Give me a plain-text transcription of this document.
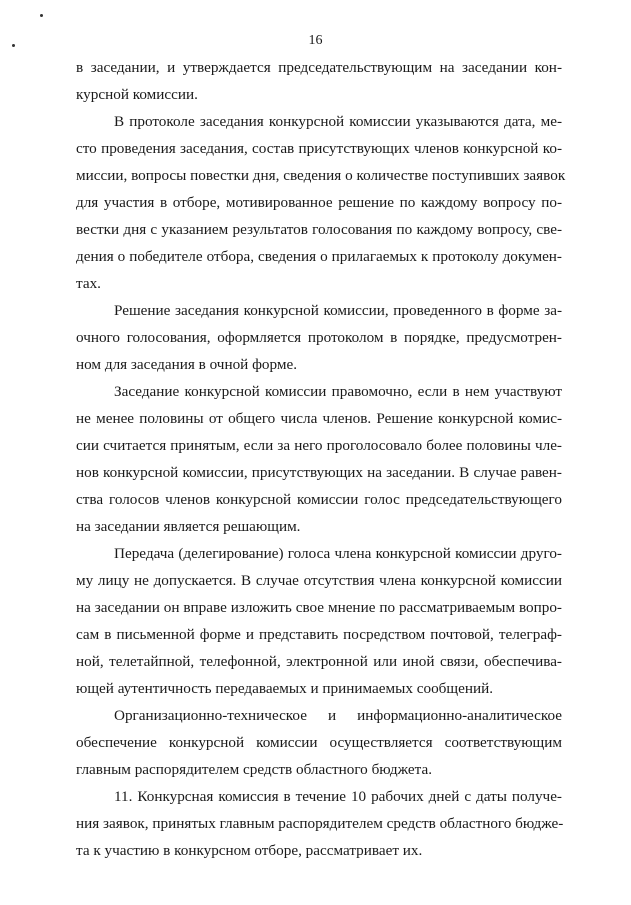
16
в заседании, и утверждается председательствующим на заседании кон-
курсной комиссии.
В протоколе заседания конкурсной комиссии указываются дата, ме-
сто проведения заседания, состав присутствующих членов конкурсной ко-
миссии, вопросы повестки дня, сведения о количестве поступивших заявок
для участия в отборе, мотивированное решение по каждому вопросу по-
вестки дня с указанием результатов голосования по каждому вопросу, све-
дения о победителе отбора, сведения о прилагаемых к протоколу докумен-
тах.
Решение заседания конкурсной комиссии, проведенного в форме за-
очного голосования, оформляется протоколом в порядке, предусмотрен-
ном для заседания в очной форме.
Заседание конкурсной комиссии правомочно, если в нем участвуют
не менее половины от общего числа членов. Решение конкурсной комис-
сии считается принятым, если за него проголосовало более половины чле-
нов конкурсной комиссии, присутствующих на заседании. В случае равен-
ства голосов членов конкурсной комиссии голос председательствующего
на заседании является решающим.
Передача (делегирование) голоса члена конкурсной комиссии друго-
му лицу не допускается. В случае отсутствия члена конкурсной комиссии
на заседании он вправе изложить свое мнение по рассматриваемым вопро-
сам в письменной форме и представить посредством почтовой, телеграф-
ной, телетайпной, телефонной, электронной или иной связи, обеспечива-
ющей аутентичность передаваемых и принимаемых сообщений.
Организационно-техническое и информационно-аналитическое
обеспечение конкурсной комиссии осуществляется соответствующим
главным распорядителем средств областного бюджета.
11. Конкурсная комиссия в течение 10 рабочих дней с даты получе-
ния заявок, принятых главным распорядителем средств областного бюдже-
та к участию в конкурсном отборе, рассматривает их.
